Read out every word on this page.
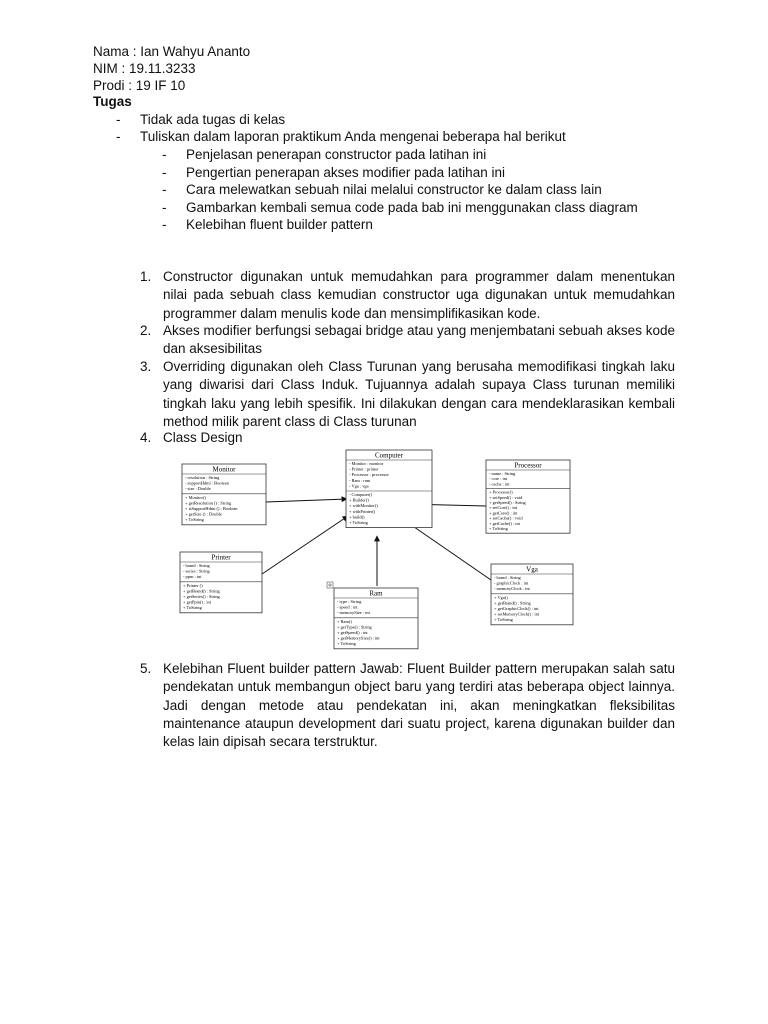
Nama : Ian Wahyu Ananto
NIM : 19.11.3233
Prodi : 19 IF 10
Tugas
- Tidak ada tugas di kelas
- Tuliskan dalam laporan praktikum Anda mengenai beberapa hal berikut
- Penjelasan penerapan constructor pada latihan ini
- Pengertian penerapan akses modifier pada latihan ini
- Cara melewatkan sebuah nilai melalui constructor ke dalam class lain
- Gambarkan kembali semua code pada bab ini menggunakan class diagram
- Kelebihan fluent builder pattern
1. Constructor digunakan untuk memudahkan para programmer dalam menentukan nilai pada sebuah class kemudian constructor uga digunakan untuk memudahkan programmer dalam menulis kode dan mensimplifikasikan kode.
2. Akses modifier berfungsi sebagai bridge atau yang menjembatani sebuah akses kode dan aksesibilitas
3. Overriding digunakan oleh Class Turunan yang berusaha memodifikasi tingkah laku yang diwarisi dari Class Induk. Tujuannya adalah supaya Class turunan memiliki tingkah laku yang lebih spesifik. Ini dilakukan dengan cara mendeklarasikan kembali method milik parent class di Class turunan
4. Class Design
Computer
- Monitor : monitor
- Printer : printer
- Processor : processor
- Ram : ram
- Vga : vga
- Computer()
+ Builder()
+ withMonitor()
+ withPrinter()
+ build()
+ ToString
Monitor
- resolution : String
- supportHdmi : Boolean
- size : Double
+ Monitor()
+ getResolution () : String
+ isSupportHdmi () : Boolean
+ getSize () : Double
+ ToString
Processor
- name : String
- core : int
- cache : int
+ Processor()
+ setSpeed() : void
+ getSpeed() : String
+ setCore() : int
+ getCore() : int
+ setCache() : void
+ getCache() : int
+ ToString
Printer
- brand : String
- series : String
- ppm : int
+ Printer ()
+ getBrand() : String
+ getSeries() : String
+ getPpm() : int
+ ToString
Ram
- type : String
- speed : int
- memorySize : int
+ Ram()
+ getType() : String
+ getSpeed() : int
+ getMemorySize() : int
+ ToString
Vga
- brand : String
- graphicClock : int
- memoryClock : int
+ Vga()
+ getBrand() : String
+ getGraphicClock() : int
+ setMemoryClock() : int
+ ToString
5. Kelebihan Fluent builder pattern Jawab: Fluent Builder pattern merupakan salah satu pendekatan untuk membangun object baru yang terdiri atas beberapa object lainnya. Jadi dengan metode atau pendekatan ini, akan meningkatkan fleksibilitas maintenance ataupun development dari suatu project, karena digunakan builder dan kelas lain dipisah secara terstruktur.
